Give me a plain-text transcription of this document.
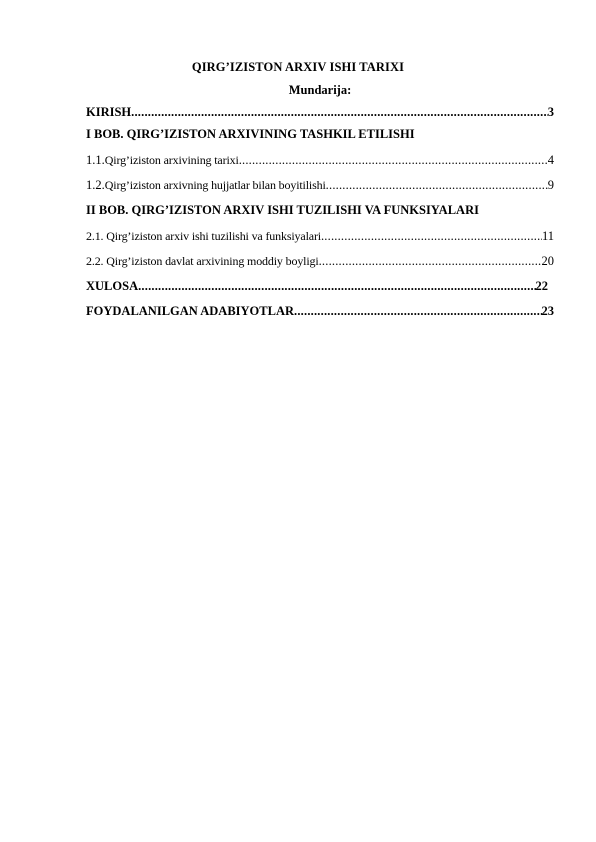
QIRG’IZISTON ARXIV ISHI TARIXI
Mundarija:
KIRISH .....	3
I BOB. QIRG’IZISTON ARXIVINING TASHKIL ETILISHI
1.1. Qirg’iziston arxivining tarixi .....	4
1.2. Qirg’iziston arxivning hujjatlar bilan boyitilishi .....	9
II BOB. QIRG’IZISTON ARXIV ISHI TUZILISHI VA FUNKSIYALARI
2.1. Qirg’iziston arxiv ishi tuzilishi va funksiyalari .....	11
2.2. Qirg’iziston davlat arxivining moddiy boyligi .....	20
XULOSA .....	22
FOYDALANILGAN ADABIYOTLAR .....	23
